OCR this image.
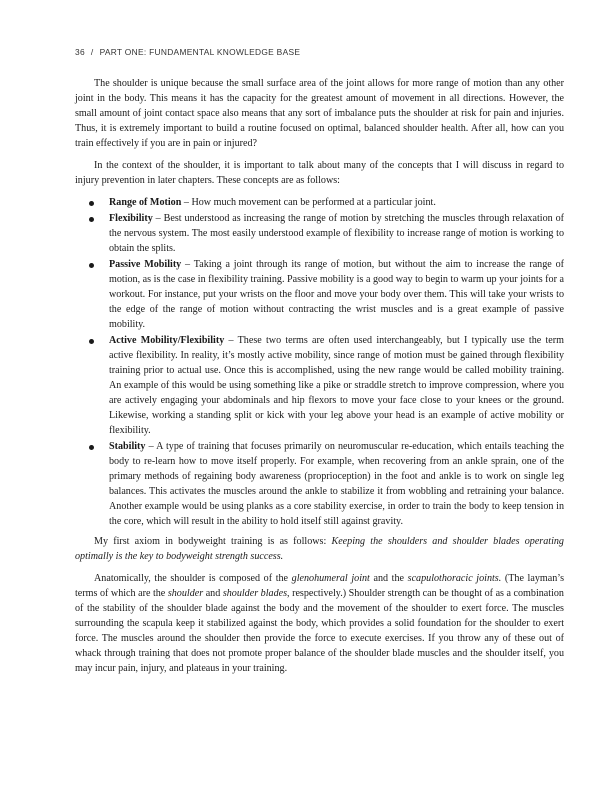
36 / PART ONE: FUNDAMENTAL KNOWLEDGE BASE

The shoulder is unique because the small surface area of the joint allows for more range of motion than any other joint in the body. This means it has the capacity for the greatest amount of movement in all directions. However, the small amount of joint contact space also means that any sort of imbalance puts the shoulder at risk for pain and injuries. Thus, it is extremely important to build a routine focused on optimal, balanced shoulder health. After all, how can you train effectively if you are in pain or injured?

In the context of the shoulder, it is important to talk about many of the concepts that I will discuss in regard to injury prevention in later chapters. These concepts are as follows:

Range of Motion – How much movement can be performed at a particular joint.
Flexibility – Best understood as increasing the range of motion by stretching the muscles through relaxation of the nervous system. The most easily understood example of flexibility to increase range of motion is working to obtain the splits.
Passive Mobility – Taking a joint through its range of motion, but without the aim to increase the range of motion, as is the case in flexibility training. Passive mobility is a good way to begin to warm up your joints for a workout. For instance, put your wrists on the floor and move your body over them. This will take your wrists to the edge of the range of motion without contracting the wrist muscles and is a great example of passive mobility.
Active Mobility/Flexibility – These two terms are often used interchangeably, but I typically use the term active flexibility. In reality, it’s mostly active mobility, since range of motion must be gained through flexibility training prior to actual use. Once this is accomplished, using the new range would be called mobility training. An example of this would be using something like a pike or straddle stretch to improve compression, where you are actively engaging your abdominals and hip flexors to move your face close to your knees or the ground. Likewise, working a standing split or kick with your leg above your head is an example of active mobility or flexibility.
Stability – A type of training that focuses primarily on neuromuscular re-education, which entails teaching the body to re-learn how to move itself properly. For example, when recovering from an ankle sprain, one of the primary methods of regaining body awareness (proprioception) in the foot and ankle is to work on single leg balances. This activates the muscles around the ankle to stabilize it from wobbling and retraining your balance. Another example would be using planks as a core stability exercise, in order to train the body to keep tension in the core, which will result in the ability to hold itself still against gravity.

My first axiom in bodyweight training is as follows: Keeping the shoulders and shoulder blades operating optimally is the key to bodyweight strength success.

Anatomically, the shoulder is composed of the glenohumeral joint and the scapulothoracic joints. (The layman’s terms of which are the shoulder and shoulder blades, respectively.) Shoulder strength can be thought of as a combination of the stability of the shoulder blade against the body and the movement of the shoulder to exert force. The muscles surrounding the scapula keep it stabilized against the body, which provides a solid foundation for the shoulder to exert force. The muscles around the shoulder then provide the force to execute exercises. If you throw any of these out of whack through training that does not promote proper balance of the shoulder blade muscles and the shoulder itself, you may incur pain, injury, and plateaus in your training.
